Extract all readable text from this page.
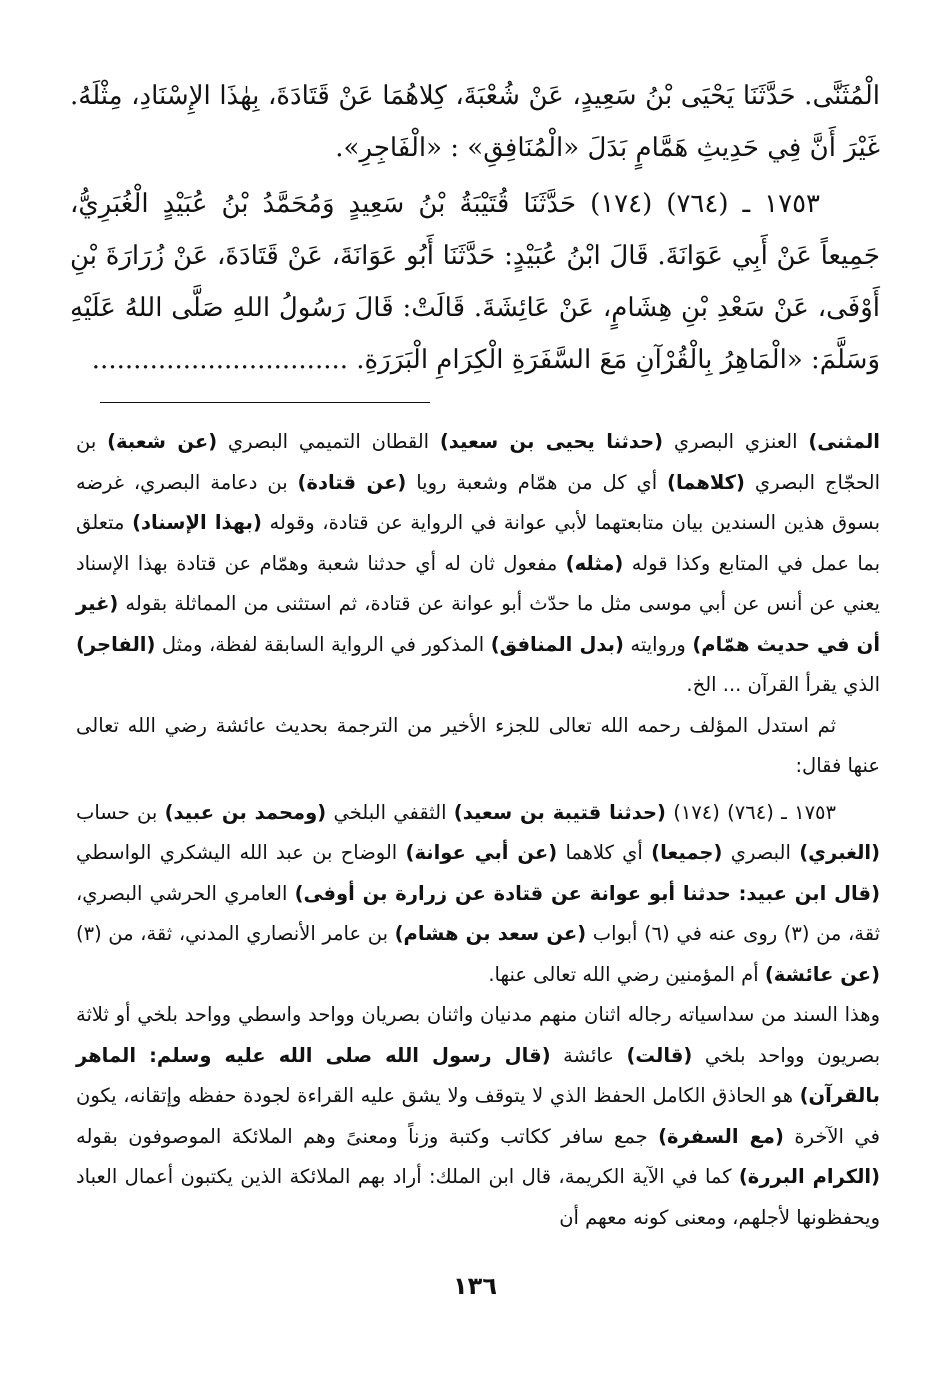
الْمُثَنَّى. حَدَّثَنَا يَحْيَى بْنُ سَعِيدٍ، عَنْ شُعْبَةَ، كِلاهُمَا عَنْ قَتَادَةَ، بِهٰذَا الإِسْنَادِ، مِثْلَهُ. غَيْرَ أَنَّ فِي حَدِيثِ هَمَّامٍ بَدَلَ «الْمُنَافِقِ» : «الْفَاجِرِ».

١٧٥٣ ـ (٧٦٤) (١٧٤) حَدَّثَنَا قُتَيْبَةُ بْنُ سَعِيدٍ وَمُحَمَّدُ بْنُ عُبَيْدٍ الْغُبَرِيُّ، جَمِيعاً عَنْ أَبِي عَوَانَةَ. قَالَ ابْنُ عُبَيْدٍ: حَدَّثَنَا أَبُو عَوَانَةَ، عَنْ قَتَادَةَ، عَنْ زُرَارَةَ بْنِ أَوْفَى، عَنْ سَعْدِ بْنِ هِشَامٍ، عَنْ عَائِشَةَ. قَالَتْ: قَالَ رَسُولُ اللهِ صَلَّى اللهُ عَلَيْهِ وَسَلَّمَ: «الْمَاهِرُ بِالْقُرْآنِ مَعَ السَّفَرَةِ الْكِرَامِ الْبَرَرَةِ. ...............................

المثنى) العنزي البصري (حدثنا يحيى بن سعيد) القطان التميمي البصري (عن شعبة) بن الحجّاج البصري (كلاهما) أي كل من همّام وشعبة رويا (عن قتادة) بن دعامة البصري، غرضه بسوق هذين السندين بيان متابعتهما لأبي عوانة في الرواية عن قتادة، وقوله (بهذا الإسناد) متعلق بما عمل في المتابع وكذا قوله (مثله) مفعول ثان له أي حدثنا شعبة وهمّام عن قتادة بهذا الإسناد يعني عن أنس عن أبي موسى مثل ما حدّث أبو عوانة عن قتادة، ثم استثنى من المماثلة بقوله (غير أن في حديث همّام) وروايته (بدل المنافق) المذكور في الرواية السابقة لفظة، ومثل (الفاجر) الذي يقرأ القرآن ... الخ.

ثم استدل المؤلف رحمه الله تعالى للجزء الأخير من الترجمة بحديث عائشة رضي الله تعالى عنها فقال:

١٧٥٣ ـ (٧٦٤) (١٧٤) (حدثنا قتيبة بن سعيد) الثقفي البلخي (ومحمد بن عبيد) بن حساب (الغبري) البصري (جميعا) أي كلاهما (عن أبي عوانة) الوضاح بن عبد الله اليشكري الواسطي (قال ابن عبيد: حدثنا أبو عوانة عن قتادة عن زرارة بن أوفى) العامري الحرشي البصري، ثقة، من (٣) روى عنه في (٦) أبواب (عن سعد بن هشام) بن عامر الأنصاري المدني، ثقة، من (٣) (عن عائشة) أم المؤمنين رضي الله تعالى عنها.

وهذا السند من سداسياته رجاله اثنان منهم مدنيان واثنان بصريان وواحد واسطي وواحد بلخي أو ثلاثة بصريون وواحد بلخي (قالت) عائشة (قال رسول الله صلى الله عليه وسلم: الماهر بالقرآن) هو الحاذق الكامل الحفظ الذي لا يتوقف ولا يشق عليه القراءة لجودة حفظه وإتقانه، يكون في الآخرة (مع السفرة) جمع سافر ككاتب وكتبة وزناً ومعنىً وهم الملائكة الموصوفون بقوله (الكرام البررة) كما في الآية الكريمة، قال ابن الملك: أراد بهم الملائكة الذين يكتبون أعمال العباد ويحفظونها لأجلهم، ومعنى كونه معهم أن

١٣٦
